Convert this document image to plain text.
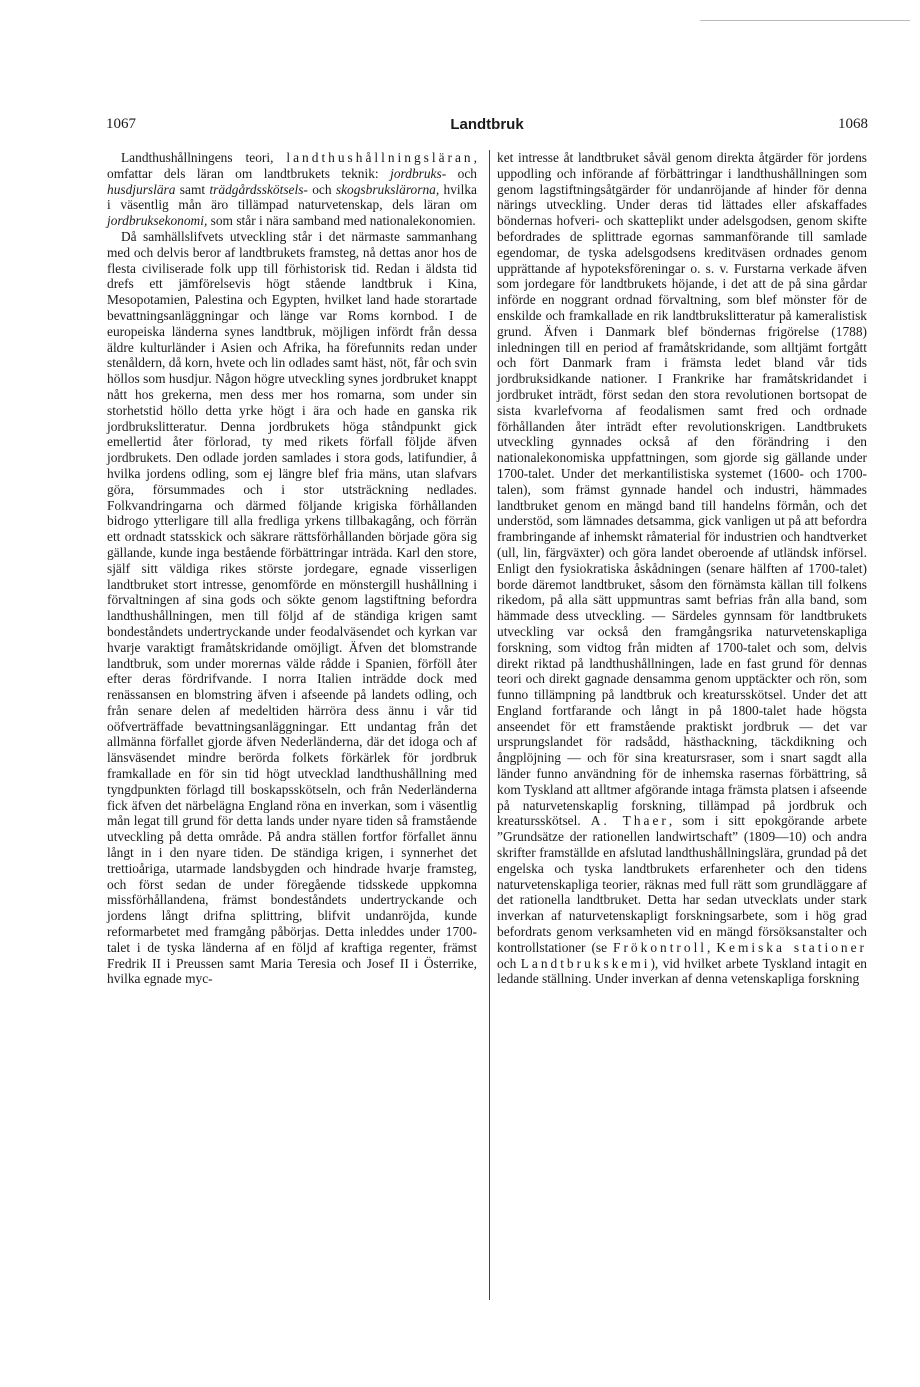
1067	Landtbruk	1068

Landthushållningens teori, landthushållningsläran, omfattar dels läran om landtbrukets teknik: jordbruks- och husdjurslära samt trädgårdsskötsels- och skogsbrukslärorna, hvilka i väsentlig mån äro tillämpad naturvetenskap, dels läran om jordbruksekonomi, som står i nära samband med nationalekonomien.

Då samhällslifvets utveckling står i det närmaste sammanhang med och delvis beror af landtbrukets framsteg, nå dettas anor hos de flesta civiliserade folk upp till förhistorisk tid. Redan i äldsta tid drefs ett jämförelsevis högt stående landtbruk i Kina, Mesopotamien, Palestina och Egypten, hvilket land hade storartade bevattningsanläggningar och länge var Roms kornbod. I de europeiska länderna synes landtbruk, möjligen infördt från dessa äldre kulturländer i Asien och Afrika, ha förefunnits redan under stenåldern, då korn, hvete och lin odlades samt häst, nöt, får och svin höllos som husdjur. Någon högre utveckling synes jordbruket knappt nått hos grekerna, men dess mer hos romarna, som under sin storhetstid höllo detta yrke högt i ära och hade en ganska rik jordbrukslitteratur. Denna jordbrukets höga ståndpunkt gick emellertid åter förlorad, ty med rikets förfall följde äfven jordbrukets. Den odlade jorden samlades i stora gods, latifundier, å hvilka jordens odling, som ej längre blef fria mäns, utan slafvars göra, försummades och i stor utsträckning nedlades. Folkvandringarna och därmed följande krigiska förhållanden bidrogo ytterligare till alla fredliga yrkens tillbakagång, och förrän ett ordnadt statsskick och säkrare rättsförhållanden började göra sig gällande, kunde inga bestående förbättringar inträda. Karl den store, själf sitt väldiga rikes störste jordegare, egnade visserligen landtbruket stort intresse, genomförde en mönstergill hushållning i förvaltningen af sina gods och sökte genom lagstiftning befordra landthushållningen, men till följd af de ständiga krigen samt bondeståndets undertryckande under feodalväsendet och kyrkan var hvarje varaktigt framåtskridande omöjligt. Äfven det blomstrande landtbruk, som under morernas välde rådde i Spanien, förföll åter efter deras fördrifvande. I norra Italien inträdde dock med renässansen en blomstring äfven i afseende på landets odling, och från senare delen af medeltiden härröra dess ännu i vår tid oöfverträffade bevattningsanläggningar. Ett undantag från det allmänna förfallet gjorde äfven Nederländerna, där det idoga och af länsväsendet mindre berörda folkets förkärlek för jordbruk framkallade en för sin tid högt utvecklad landthushållning med tyngdpunkten förlagd till boskapsskötseln, och från Nederländerna fick äfven det närbelägna England röna en inverkan, som i väsentlig mån legat till grund för detta lands under nyare tiden så framstående utveckling på detta område. På andra ställen fortfor förfallet ännu långt in i den nyare tiden. De ständiga krigen, i synnerhet det trettioåriga, utarmade landsbygden och hindrade hvarje framsteg, och först sedan de under föregående tidsskede uppkomna missförhållandena, främst bondeståndets undertryckande och jordens långt drifna splittring, blifvit undanröjda, kunde reformarbetet med framgång påbörjas. Detta inleddes under 1700-talet i de tyska länderna af en följd af kraftiga regenter, främst Fredrik II i Preussen samt Maria Teresia och Josef II i Österrike, hvilka egnade myc-

ket intresse åt landtbruket såväl genom direkta åtgärder för jordens uppodling och införande af förbättringar i landthushållningen som genom lagstiftningsåtgärder för undanröjande af hinder för denna närings utveckling. Under deras tid lättades eller afskaffades böndernas hofveri- och skatteplikt under adelsgodsen, genom skifte befordrades de splittrade egornas sammanförande till samlade egendomar, de tyska adelsgodsens kreditväsen ordnades genom upprättande af hypoteksföreningar o. s. v. Furstarna verkade äfven som jordegare för landtbrukets höjande, i det att de på sina gårdar införde en noggrant ordnad förvaltning, som blef mönster för de enskilde och framkallade en rik landtbrukslitteratur på kameralistisk grund. Äfven i Danmark blef böndernas frigörelse (1788) inledningen till en period af framåtskridande, som alltjämt fortgått och fört Danmark fram i främsta ledet bland vår tids jordbruksidkande nationer. I Frankrike har framåtskridandet i jordbruket inträdt, först sedan den stora revolutionen bortsopat de sista kvarlefvorna af feodalismen samt fred och ordnade förhållanden åter inträdt efter revolutionskrigen. Landtbrukets utveckling gynnades också af den förändring i den nationalekonomiska uppfattningen, som gjorde sig gällande under 1700-talet. Under det merkantilistiska systemet (1600- och 1700-talen), som främst gynnade handel och industri, hämmades landtbruket genom en mängd band till handelns förmån, och det understöd, som lämnades detsamma, gick vanligen ut på att befordra frambringande af inhemskt råmaterial för industrien och handtverket (ull, lin, färgväxter) och göra landet oberoende af utländsk införsel. Enligt den fysiokratiska åskådningen (senare hälften af 1700-talet) borde däremot landtbruket, såsom den förnämsta källan till folkens rikedom, på alla sätt uppmuntras samt befrias från alla band, som hämmade dess utveckling. — Särdeles gynnsam för landtbrukets utveckling var också den framgångsrika naturvetenskapliga forskning, som vidtog från midten af 1700-talet och som, delvis direkt riktad på landthushållningen, lade en fast grund för dennas teori och direkt gagnade densamma genom upptäckter och rön, som funno tillämpning på landtbruk och kreatursskötsel. Under det att England fortfarande och långt in på 1800-talet hade högsta anseendet för ett framstående praktiskt jordbruk — det var ursprungslandet för radsådd, hästhackning, täckdikning och ångplöjning — och för sina kreatursraser, som i snart sagdt alla länder funno användning för de inhemska rasernas förbättring, så kom Tyskland att alltmer afgörande intaga främsta platsen i afseende på naturvetenskaplig forskning, tillämpad på jordbruk och kreatursskötsel. A. Thaer, som i sitt epokgörande arbete ”Grundsätze der rationellen landwirtschaft” (1809—10) och andra skrifter framställde en afslutad landthushållningslära, grundad på det engelska och tyska landtbrukets erfarenheter och den tidens naturvetenskapliga teorier, räknas med full rätt som grundläggare af det rationella landtbruket. Detta har sedan utvecklats under stark inverkan af naturvetenskapligt forskningsarbete, som i hög grad befordrats genom verksamheten vid en mängd försöksanstalter och kontrollstationer (se Frökontroll, Kemiska stationer och Landtbrukskemi), vid hvilket arbete Tyskland intagit en ledande ställning. Under inverkan af denna vetenskapliga forskning
